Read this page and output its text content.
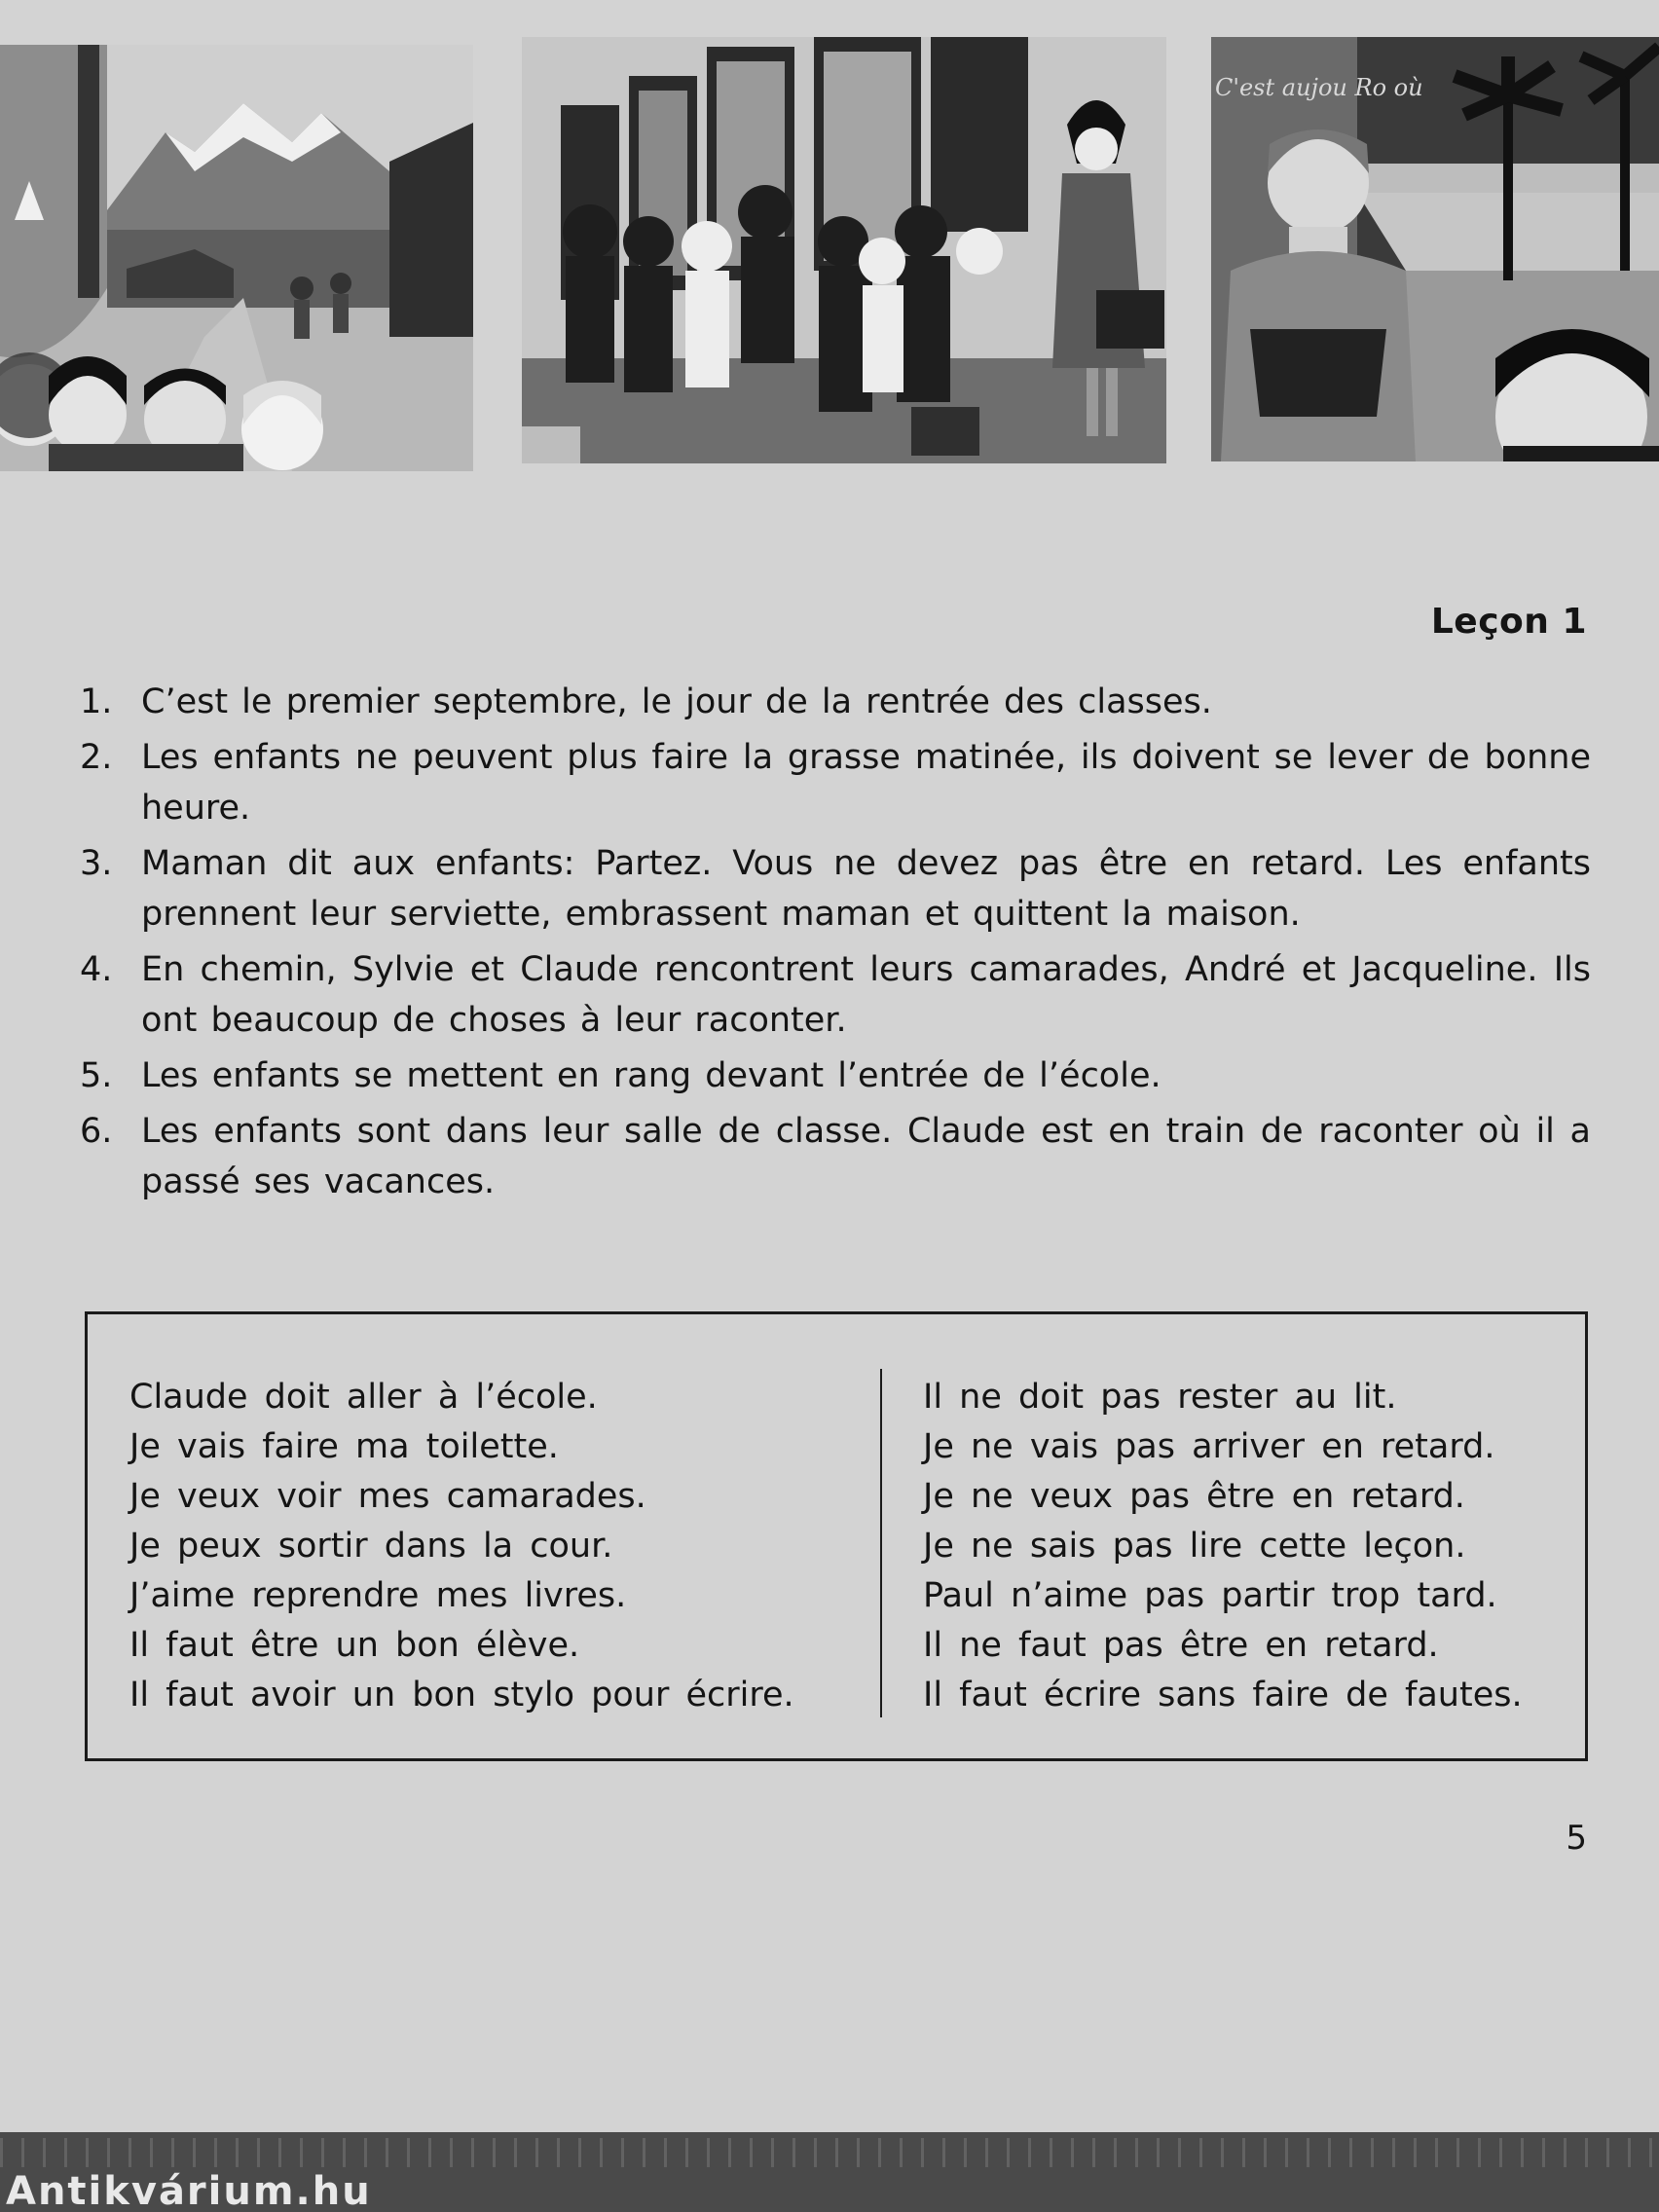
C'est aujou Ro où
Leçon 1
1. C’est le premier septembre, le jour de la rentrée des classes.
2. Les enfants ne peuvent plus faire la grasse matinée, ils doivent se lever de bonne heure.
3. Maman dit aux enfants: Partez. Vous ne devez pas être en retard. Les enfants prennent leur serviette, embrassent maman et quittent la maison.
4. En chemin, Sylvie et Claude rencontrent leurs camarades, André et Jacqueline. Ils ont beaucoup de choses à leur raconter.
5. Les enfants se mettent en rang devant l’entrée de l’école.
6. Les enfants sont dans leur salle de classe. Claude est en train de raconter où il a passé ses vacances.
Claude doit aller à l’école.
Je vais faire ma toilette.
Je veux voir mes camarades.
Je peux sortir dans la cour.
J’aime reprendre mes livres.
Il faut être un bon élève.
Il faut avoir un bon stylo pour écrire.
Il ne doit pas rester au lit.
Je ne vais pas arriver en retard.
Je ne veux pas être en retard.
Je ne sais pas lire cette leçon.
Paul n’aime pas partir trop tard.
Il ne faut pas être en retard.
Il faut écrire sans faire de fautes.
5
Antikvárium.hu
